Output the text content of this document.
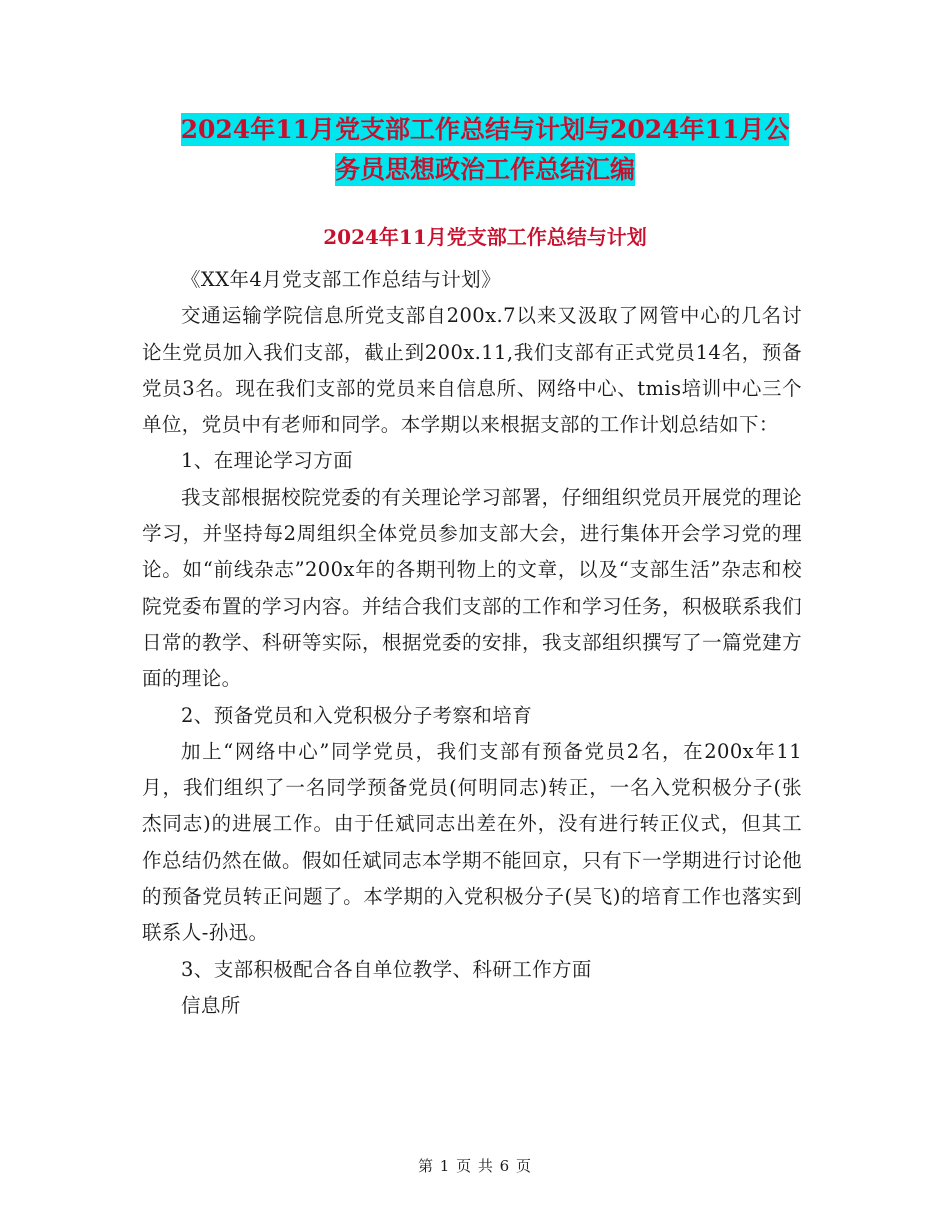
2024年11月党支部工作总结与计划与2024年11月公
务员思想政治工作总结汇编
2024年11月党支部工作总结与计划

《XX年4月党支部工作总结与计划》

交通运输学院信息所党支部自200x.7以来又汲取了网管中心的几名讨论生党员加入我们支部，截止到200x.11,我们支部有正式党员14名，预备党员3名。现在我们支部的党员来自信息所、网络中心、tmis培训中心三个单位，党员中有老师和同学。本学期以来根据支部的工作计划总结如下：

1、在理论学习方面

我支部根据校院党委的有关理论学习部署，仔细组织党员开展党的理论学习，并坚持每2周组织全体党员参加支部大会，进行集体开会学习党的理论。如“前线杂志”200x年的各期刊物上的文章，以及“支部生活”杂志和校院党委布置的学习内容。并结合我们支部的工作和学习任务，积极联系我们日常的教学、科研等实际，根据党委的安排，我支部组织撰写了一篇党建方面的理论。

2、预备党员和入党积极分子考察和培育

加上“网络中心”同学党员，我们支部有预备党员2名，在200x年11月，我们组织了一名同学预备党员(何明同志)转正，一名入党积极分子(张杰同志)的进展工作。由于任斌同志出差在外，没有进行转正仪式，但其工作总结仍然在做。假如任斌同志本学期不能回京，只有下一学期进行讨论他的预备党员转正问题了。本学期的入党积极分子(吴飞)的培育工作也落实到联系人-孙迅。

3、支部积极配合各自单位教学、科研工作方面

信息所

第 1 页 共 6 页
